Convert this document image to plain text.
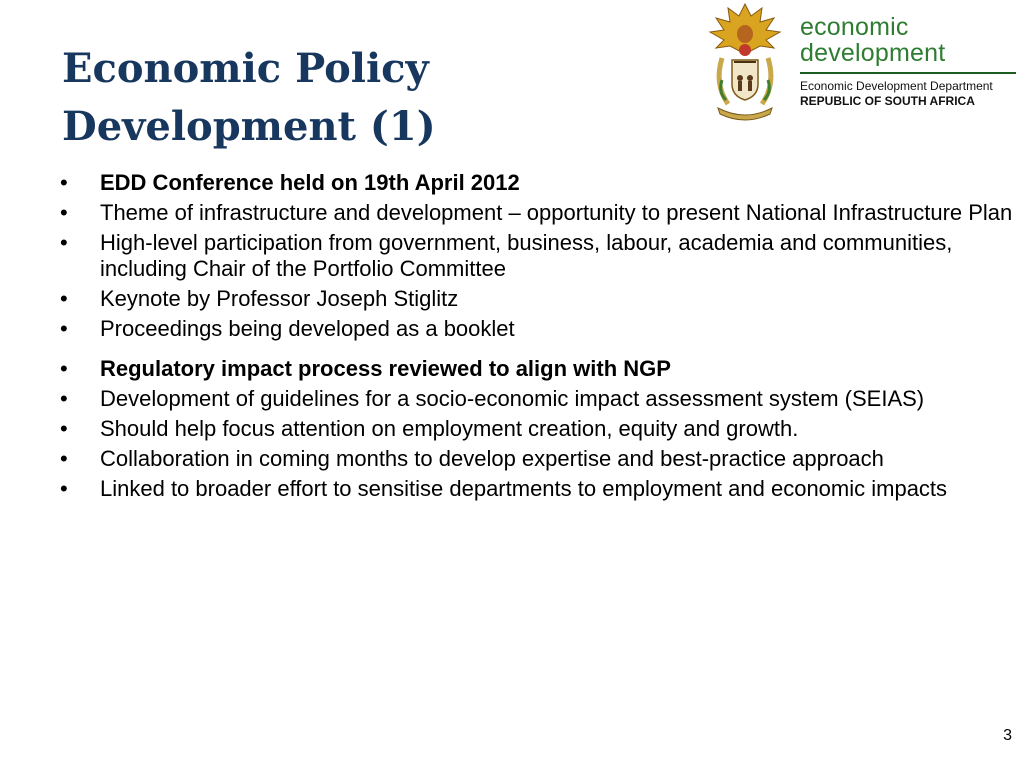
Economic Policy
Development (1)
economic
development
Economic Development Department
REPUBLIC OF SOUTH AFRICA
• EDD Conference held on 19th April 2012
• Theme of infrastructure and development – opportunity to present National Infrastructure Plan
• High-level participation from government, business, labour, academia and communities, including Chair of the Portfolio Committee
• Keynote by Professor Joseph Stiglitz
• Proceedings being developed as a booklet
• Regulatory impact process reviewed to align with NGP
• Development of guidelines for a socio-economic impact assessment system (SEIAS)
• Should help focus attention on employment creation, equity and growth.
• Collaboration in coming months to develop expertise and best-practice approach
• Linked to broader effort to sensitise departments to employment and economic impacts
3
